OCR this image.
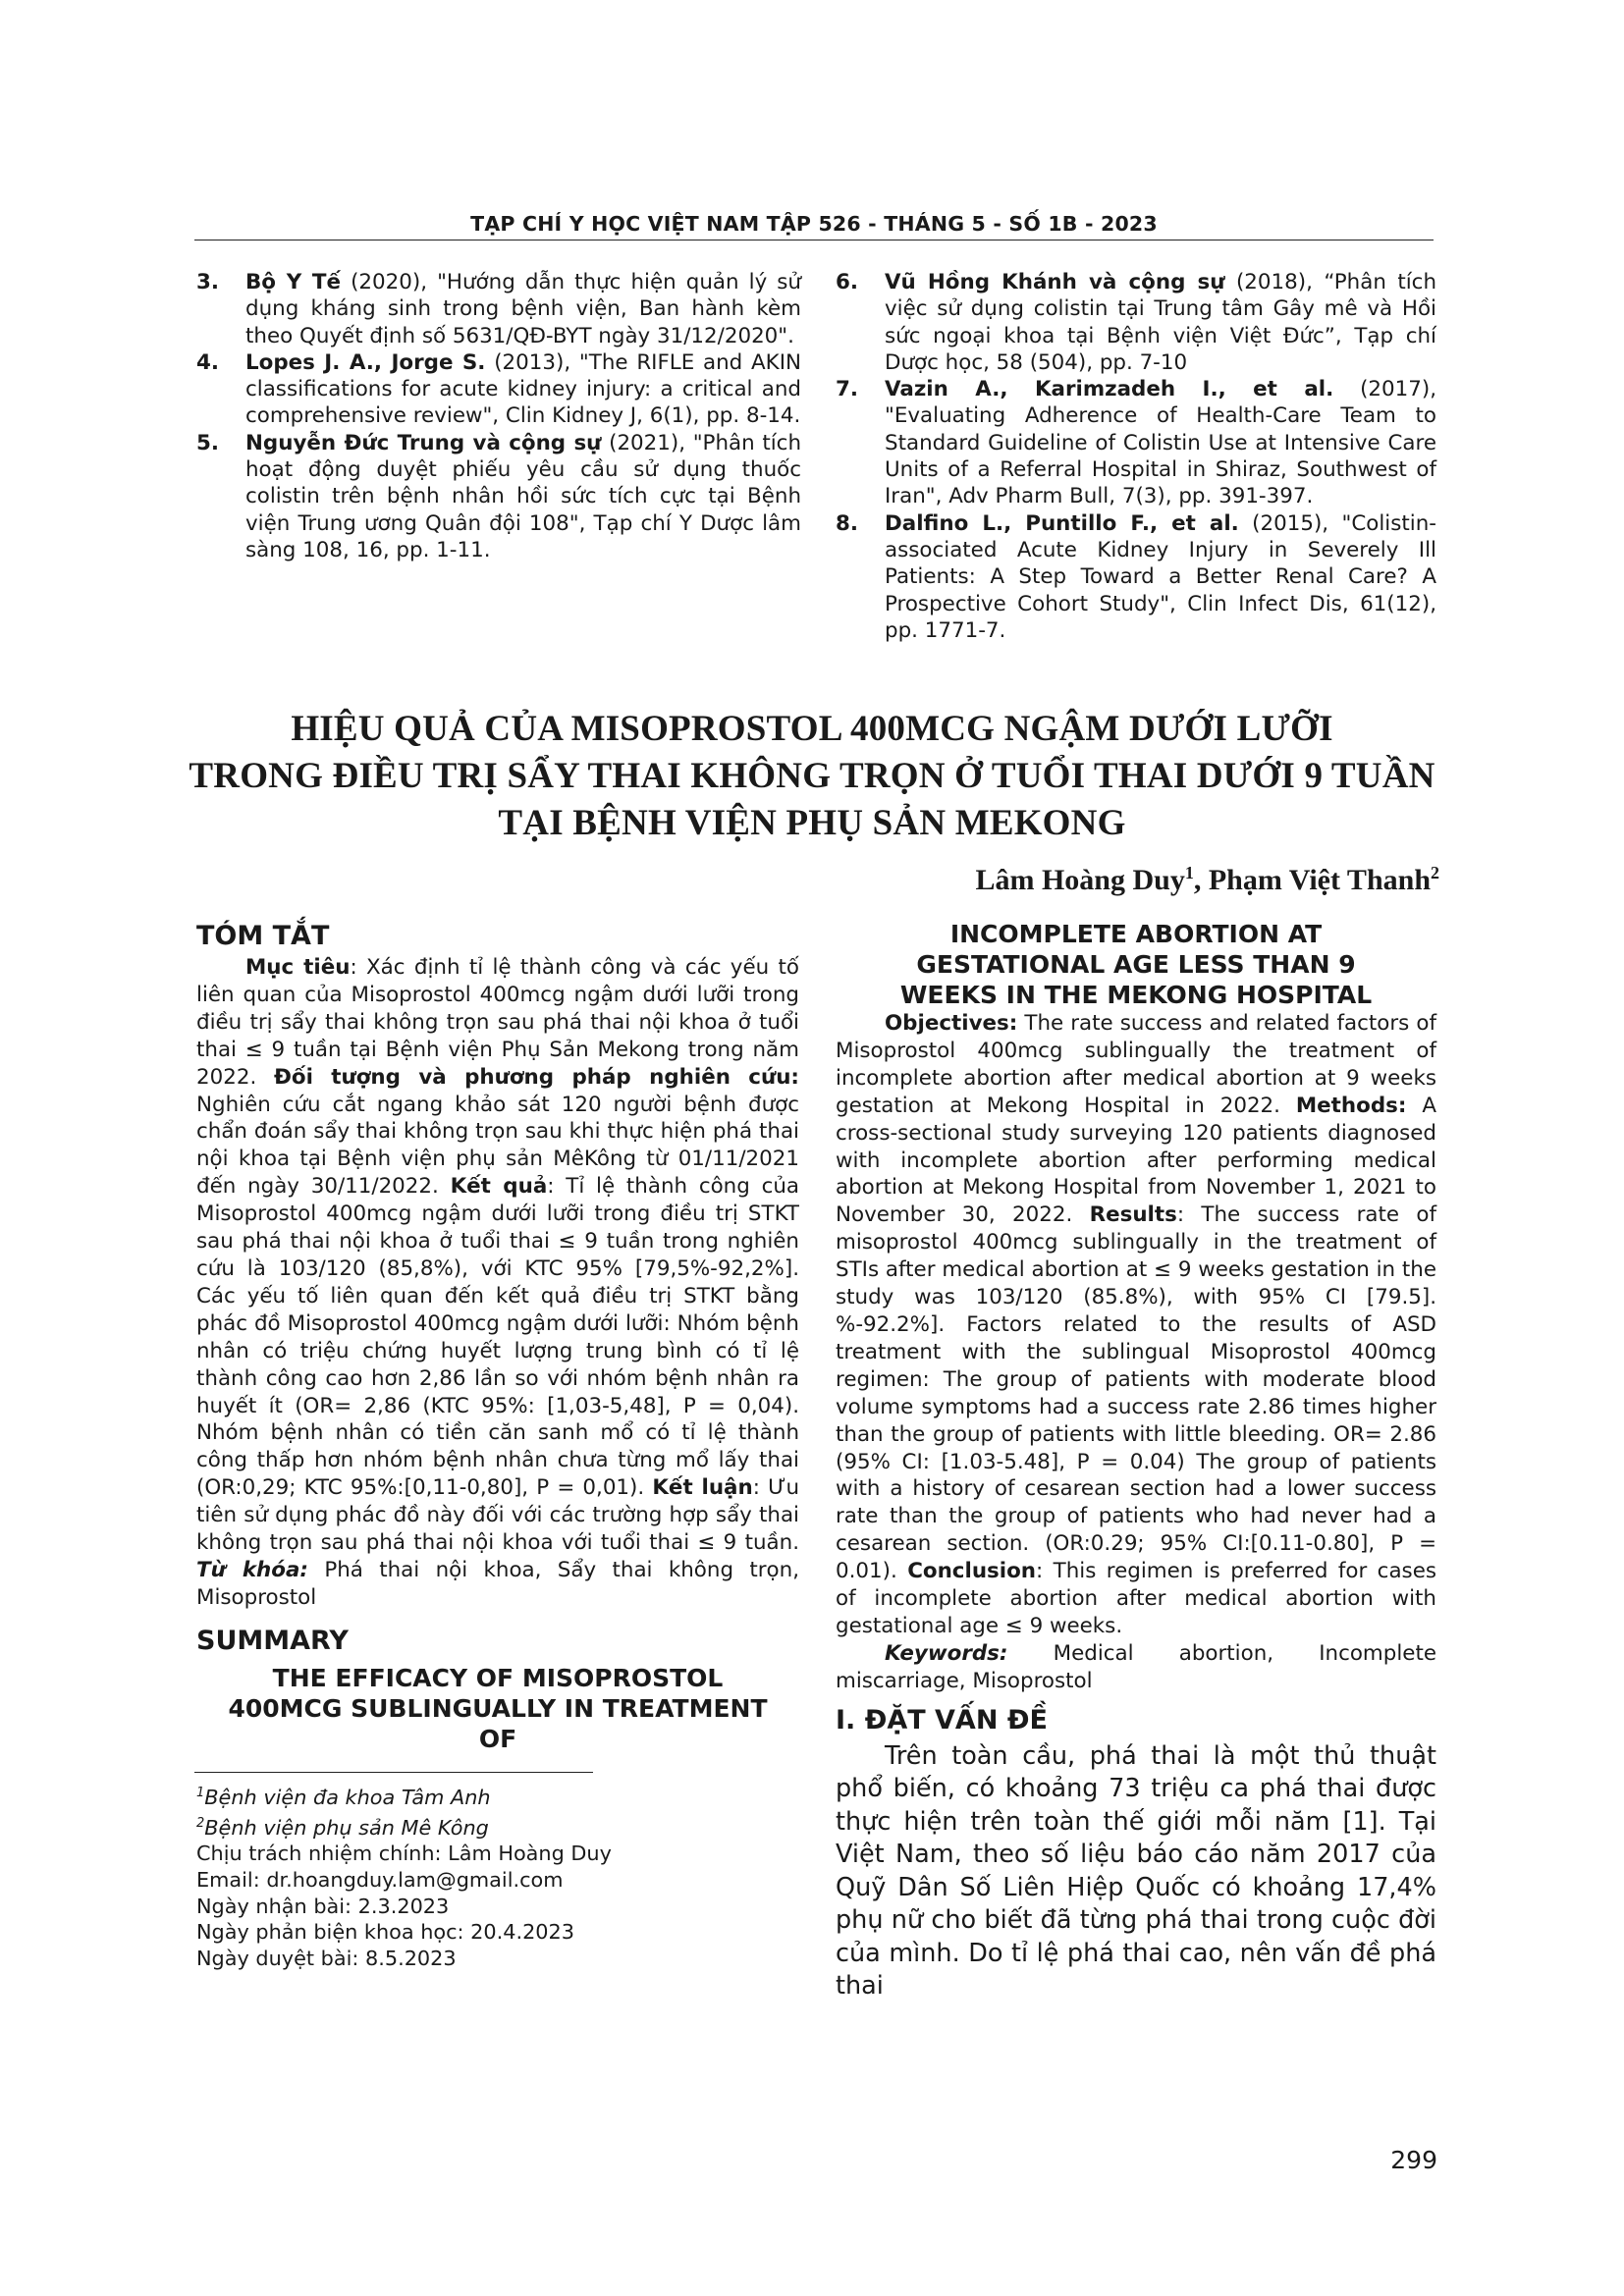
TẠP CHÍ Y HỌC VIỆT NAM TẬP 526 - THÁNG 5 - SỐ 1B - 2023
3. Bộ Y Tế (2020), "Hướng dẫn thực hiện quản lý sử dụng kháng sinh trong bệnh viện, Ban hành kèm theo Quyết định số 5631/QĐ-BYT ngày 31/12/2020".
4. Lopes J. A., Jorge S. (2013), "The RIFLE and AKIN classifications for acute kidney injury: a critical and comprehensive review", Clin Kidney J, 6(1), pp. 8-14.
5. Nguyễn Đức Trung và cộng sự (2021), "Phân tích hoạt động duyệt phiếu yêu cầu sử dụng thuốc colistin trên bệnh nhân hồi sức tích cực tại Bệnh viện Trung ương Quân đội 108", Tạp chí Y Dược lâm sàng 108, 16, pp. 1-11.
6. Vũ Hồng Khánh và cộng sự (2018), “Phân tích việc sử dụng colistin tại Trung tâm Gây mê và Hồi sức ngoại khoa tại Bệnh viện Việt Đức”, Tạp chí Dược học, 58 (504), pp. 7-10
7. Vazin A., Karimzadeh I., et al. (2017), "Evaluating Adherence of Health-Care Team to Standard Guideline of Colistin Use at Intensive Care Units of a Referral Hospital in Shiraz, Southwest of Iran", Adv Pharm Bull, 7(3), pp. 391-397.
8. Dalfino L., Puntillo F., et al. (2015), "Colistin-associated Acute Kidney Injury in Severely Ill Patients: A Step Toward a Better Renal Care? A Prospective Cohort Study", Clin Infect Dis, 61(12), pp. 1771-7.
HIỆU QUẢ CỦA MISOPROSTOL 400MCG NGẬM DƯỚI LƯỠI
TRONG ĐIỀU TRỊ SẨY THAI KHÔNG TRỌN Ở TUỔI THAI DƯỚI 9 TUẦN
TẠI BỆNH VIỆN PHỤ SẢN MEKONG
Lâm Hoàng Duy$^1$, Phạm Việt Thanh$^2$
TÓM TẮT
Mục tiêu: Xác định tỉ lệ thành công và các yếu tố liên quan của Misoprostol 400mcg ngậm dưới lưỡi trong điều trị sẩy thai không trọn sau phá thai nội khoa ở tuổi thai ≤ 9 tuần tại Bệnh viện Phụ Sản Mekong trong năm 2022. Đối tượng và phương pháp nghiên cứu: Nghiên cứu cắt ngang khảo sát 120 người bệnh được chẩn đoán sẩy thai không trọn sau khi thực hiện phá thai nội khoa tại Bệnh viện phụ sản MêKông từ 01/11/2021 đến ngày 30/11/2022. Kết quả: Tỉ lệ thành công của Misoprostol 400mcg ngậm dưới lưỡi trong điều trị STKT sau phá thai nội khoa ở tuổi thai ≤ 9 tuần trong nghiên cứu là 103/120 (85,8%), với KTC 95% [79,5%-92,2%]. Các yếu tố liên quan đến kết quả điều trị STKT bằng phác đồ Misoprostol 400mcg ngậm dưới lưỡi: Nhóm bệnh nhân có triệu chứng huyết lượng trung bình có tỉ lệ thành công cao hơn 2,86 lần so với nhóm bệnh nhân ra huyết ít (OR= 2,86 (KTC 95%: [1,03-5,48], P = 0,04). Nhóm bệnh nhân có tiền căn sanh mổ có tỉ lệ thành công thấp hơn nhóm bệnh nhân chưa từng mổ lấy thai (OR:0,29; KTC 95%:[0,11-0,80], P = 0,01). Kết luận: Ưu tiên sử dụng phác đồ này đối với các trường hợp sẩy thai không trọn sau phá thai nội khoa với tuổi thai ≤ 9 tuần. Từ khóa: Phá thai nội khoa, Sẩy thai không trọn, Misoprostol
SUMMARY
THE EFFICACY OF MISOPROSTOL 400MCG SUBLINGUALLY IN TREATMENT OF
INCOMPLETE ABORTION AT GESTATIONAL AGE LESS THAN 9 WEEKS IN THE MEKONG HOSPITAL
Objectives: The rate success and related factors of Misoprostol 400mcg sublingually the treatment of incomplete abortion after medical abortion at 9 weeks gestation at Mekong Hospital in 2022. Methods: A cross-sectional study surveying 120 patients diagnosed with incomplete abortion after performing medical abortion at Mekong Hospital from November 1, 2021 to November 30, 2022. Results: The success rate of misoprostol 400mcg sublingually in the treatment of STIs after medical abortion at ≤ 9 weeks gestation in the study was 103/120 (85.8%), with 95% CI [79.5]. %-92.2%]. Factors related to the results of ASD treatment with the sublingual Misoprostol 400mcg regimen: The group of patients with moderate blood volume symptoms had a success rate 2.86 times higher than the group of patients with little bleeding. OR= 2.86 (95% CI: [1.03-5.48], P = 0.04) The group of patients with a history of cesarean section had a lower success rate than the group of patients who had never had a cesarean section. (OR:0.29; 95% CI:[0.11-0.80], P = 0.01). Conclusion: This regimen is preferred for cases of incomplete abortion after medical abortion with gestational age ≤ 9 weeks.
Keywords: Medical abortion, Incomplete miscarriage, Misoprostol
I. ĐẶT VẤN ĐỀ
Trên toàn cầu, phá thai là một thủ thuật phổ biến, có khoảng 73 triệu ca phá thai được thực hiện trên toàn thế giới mỗi năm [1]. Tại Việt Nam, theo số liệu báo cáo năm 2017 của Quỹ Dân Số Liên Hiệp Quốc có khoảng 17,4% phụ nữ cho biết đã từng phá thai trong cuộc đời của mình. Do tỉ lệ phá thai cao, nên vấn đề phá thai
$^1$Bệnh viện đa khoa Tâm Anh
$^2$Bệnh viện phụ sản Mê Kông
Chịu trách nhiệm chính: Lâm Hoàng Duy
Email: dr.hoangduy.lam@gmail.com
Ngày nhận bài: 2.3.2023
Ngày phản biện khoa học: 20.4.2023
Ngày duyệt bài: 8.5.2023
299
